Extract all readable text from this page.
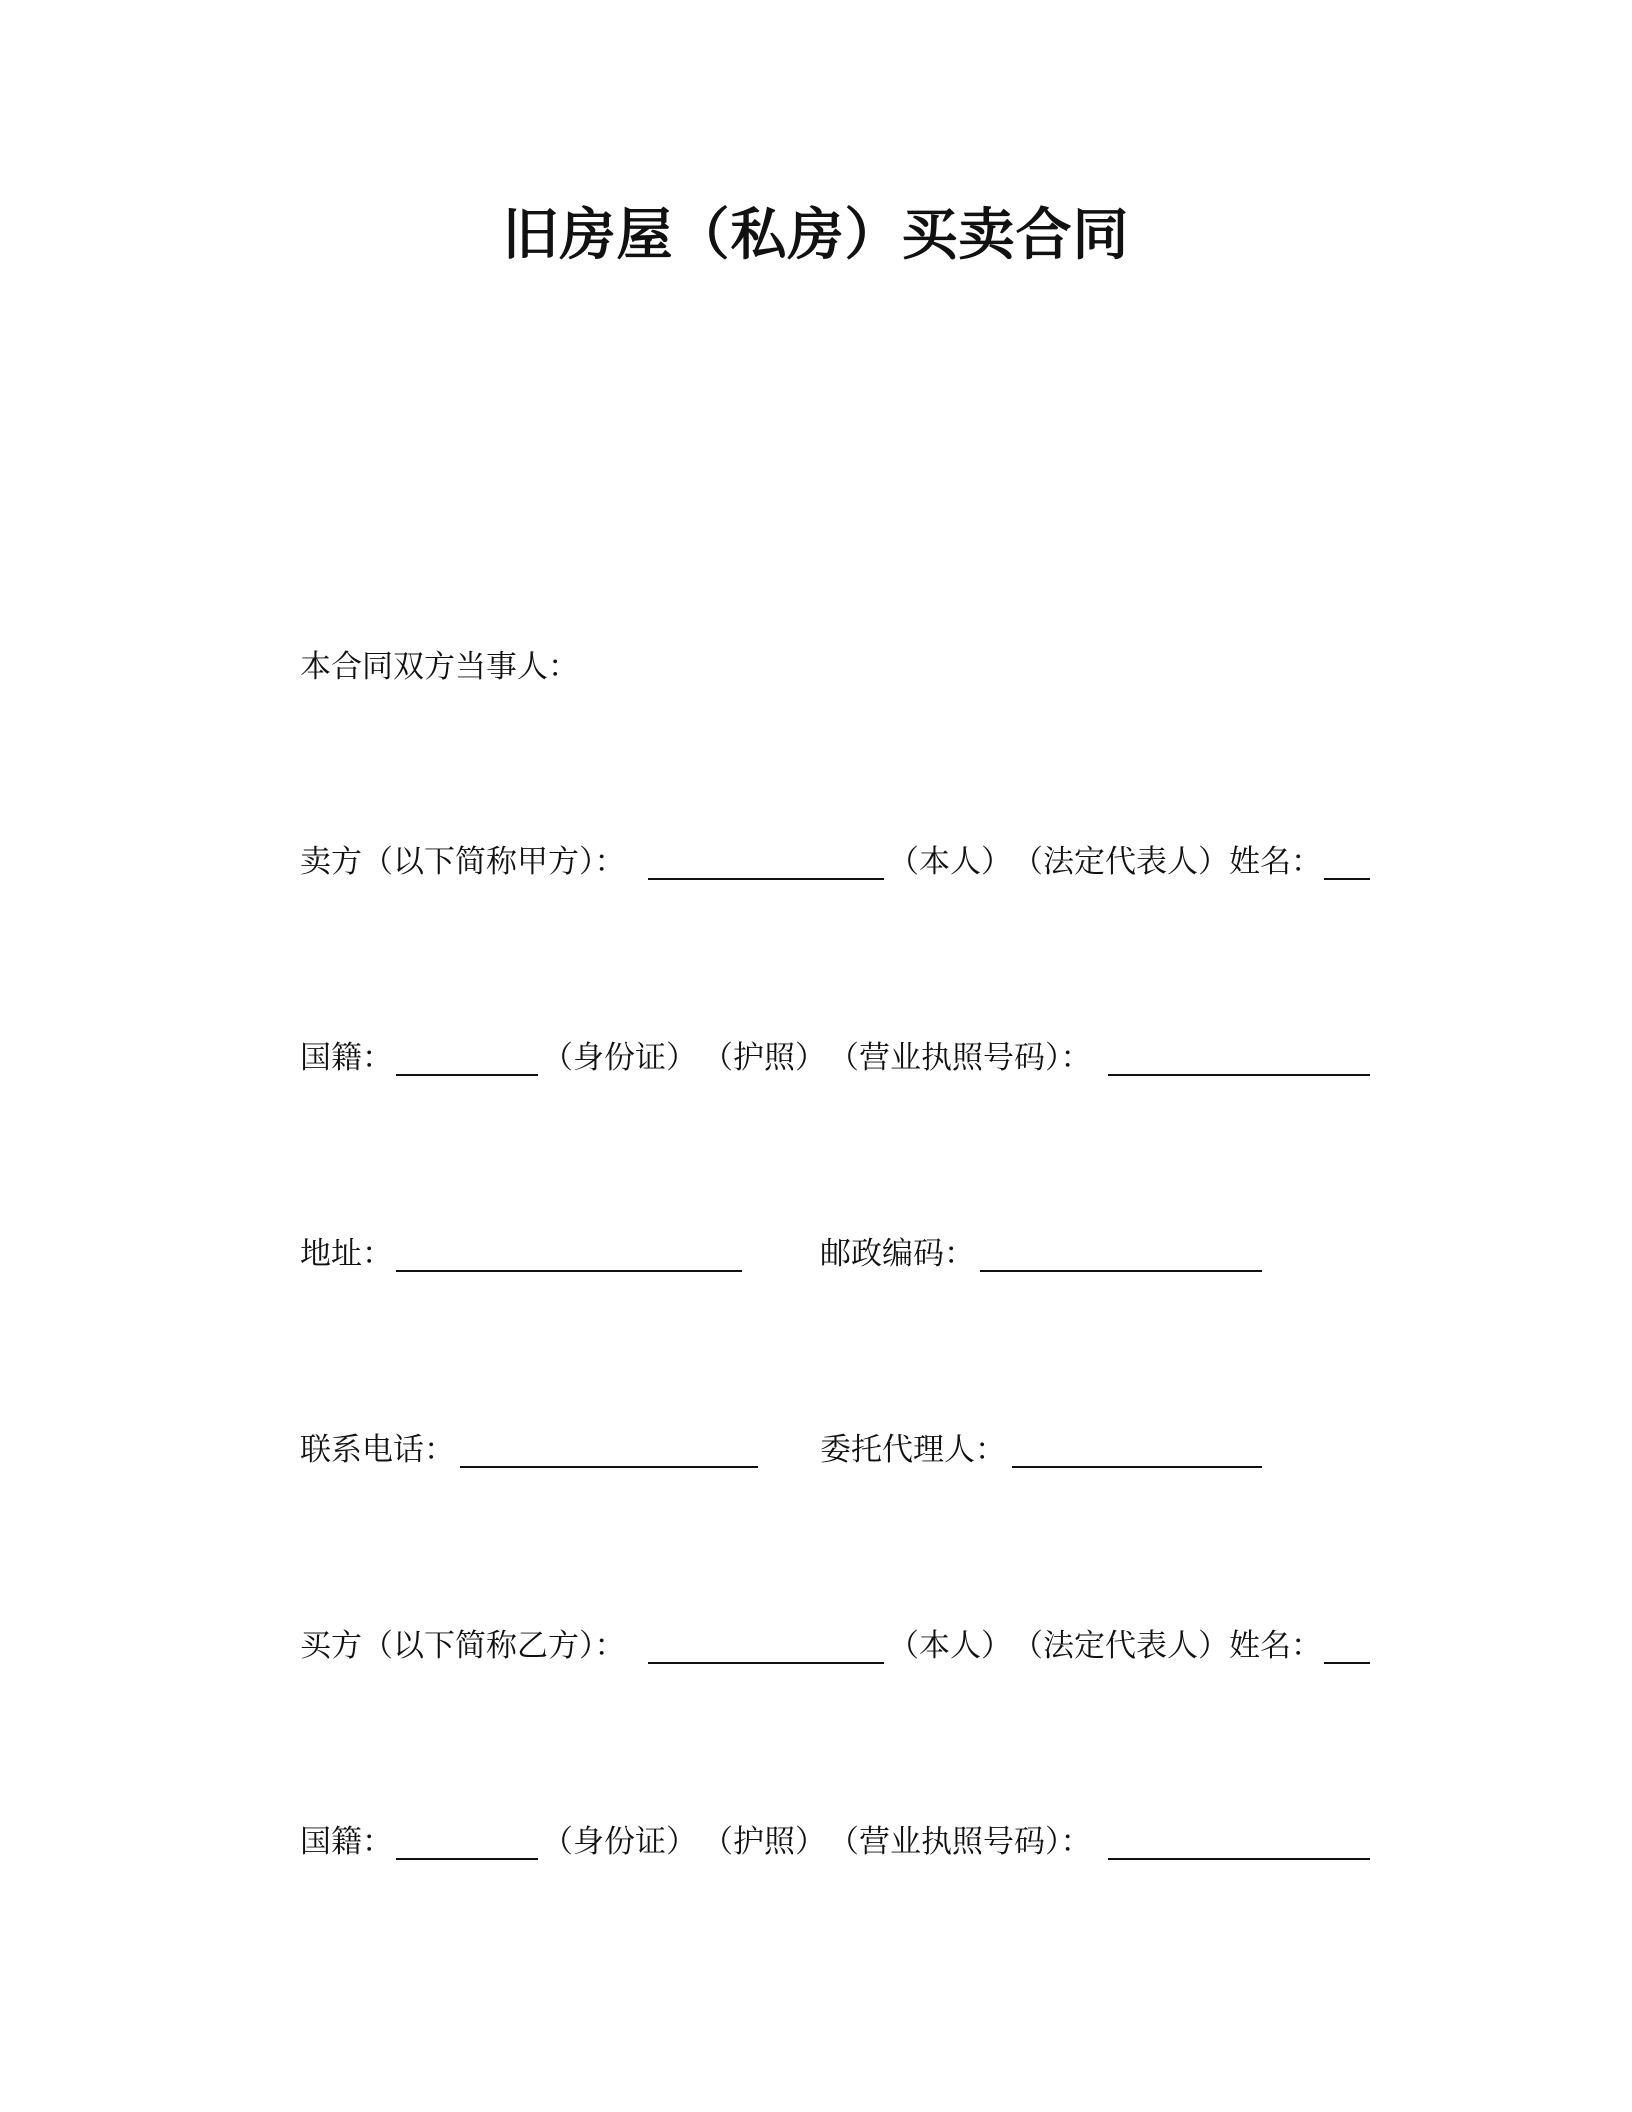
旧房屋（私房）买卖合同
本合同双方当事人：
卖方（以下简称甲方）：	（本人） （法定代表人）姓名：
国籍：	（身份证） （护照） （营业执照号码）：
地址：	邮政编码：
联系电话：	委托代理人：
买方（以下简称乙方）：	（本人） （法定代表人）姓名：
国籍：	（身份证） （护照） （营业执照号码）：
